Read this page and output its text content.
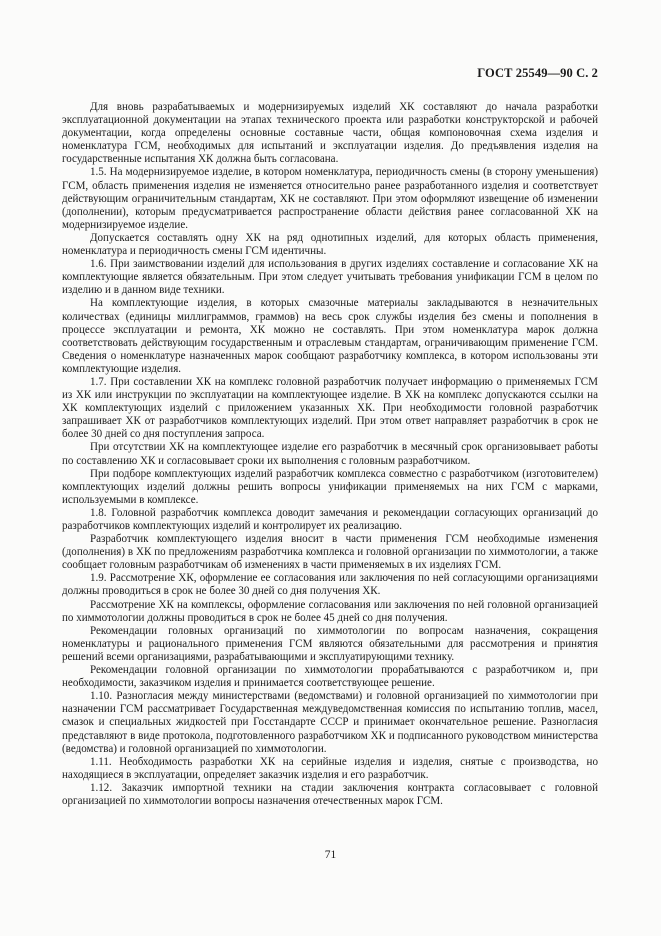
ГОСТ 25549—90 С. 2

Для вновь разрабатываемых и модернизируемых изделий ХК составляют до начала разработки эксплуатационной документации на этапах технического проекта или разработки конструкторской и рабочей документации, когда определены основные составные части, общая компоновочная схема изделия и номенклатура ГСМ, необходимых для испытаний и эксплуатации изделия. До предъявления изделия на государственные испытания ХК должна быть согласована.

1.5. На модернизируемое изделие, в котором номенклатура, периодичность смены (в сторону уменьшения) ГСМ, область применения изделия не изменяется относительно ранее разработанного изделия и соответствует действующим ограничительным стандартам, ХК не составляют. При этом оформляют извещение об изменении (дополнении), которым предусматривается распространение области действия ранее согласованной ХК на модернизируемое изделие.

Допускается составлять одну ХК на ряд однотипных изделий, для которых область применения, номенклатура и периодичность смены ГСМ идентичны.

1.6. При заимствовании изделий для использования в других изделиях составление и согласование ХК на комплектующие является обязательным. При этом следует учитывать требования унификации ГСМ в целом по изделию и в данном виде техники.

На комплектующие изделия, в которых смазочные материалы закладываются в незначительных количествах (единицы миллиграммов, граммов) на весь срок службы изделия без смены и пополнения в процессе эксплуатации и ремонта, ХК можно не составлять. При этом номенклатура марок должна соответствовать действующим государственным и отраслевым стандартам, ограничивающим применение ГСМ. Сведения о номенклатуре назначенных марок сообщают разработчику комплекса, в котором использованы эти комплектующие изделия.

1.7. При составлении ХК на комплекс головной разработчик получает информацию о применяемых ГСМ из ХК или инструкции по эксплуатации на комплектующее изделие. В ХК на комплекс допускаются ссылки на ХК комплектующих изделий с приложением указанных ХК. При необходимости головной разработчик запрашивает ХК от разработчиков комплектующих изделий. При этом ответ направляет разработчик в срок не более 30 дней со дня поступления запроса.

При отсутствии ХК на комплектующее изделие его разработчик в месячный срок организовывает работы по составлению ХК и согласовывает сроки их выполнения с головным разработчиком.

При подборе комплектующих изделий разработчик комплекса совместно с разработчиком (изготовителем) комплектующих изделий должны решить вопросы унификации применяемых на них ГСМ с марками, используемыми в комплексе.

1.8. Головной разработчик комплекса доводит замечания и рекомендации согласующих организаций до разработчиков комплектующих изделий и контролирует их реализацию.

Разработчик комплектующего изделия вносит в части применения ГСМ необходимые изменения (дополнения) в ХК по предложениям разработчика комплекса и головной организации по химмотологии, а также сообщает головным разработчикам об изменениях в части применяемых в их изделиях ГСМ.

1.9. Рассмотрение ХК, оформление ее согласования или заключения по ней согласующими организациями должны проводиться в срок не более 30 дней со дня получения ХК.

Рассмотрение ХК на комплексы, оформление согласования или заключения по ней головной организацией по химмотологии должны проводиться в срок не более 45 дней со дня получения.

Рекомендации головных организаций по химмотологии по вопросам назначения, сокращения номенклатуры и рационального применения ГСМ являются обязательными для рассмотрения и принятия решений всеми организациями, разрабатывающими и эксплуатирующими технику.

Рекомендации головной организации по химмотологии прорабатываются с разработчиком и, при необходимости, заказчиком изделия и принимается соответствующее решение.

1.10. Разногласия между министерствами (ведомствами) и головной организацией по химмотологии при назначении ГСМ рассматривает Государственная междуведомственная комиссия по испытанию топлив, масел, смазок и специальных жидкостей при Госстандарте СССР и принимает окончательное решение. Разногласия представляют в виде протокола, подготовленного разработчиком ХК и подписанного руководством министерства (ведомства) и головной организацией по химмотологии.

1.11. Необходимость разработки ХК на серийные изделия и изделия, снятые с производства, но находящиеся в эксплуатации, определяет заказчик изделия и его разработчик.

1.12. Заказчик импортной техники на стадии заключения контракта согласовывает с головной организацией по химмотологии вопросы назначения отечественных марок ГСМ.

71
